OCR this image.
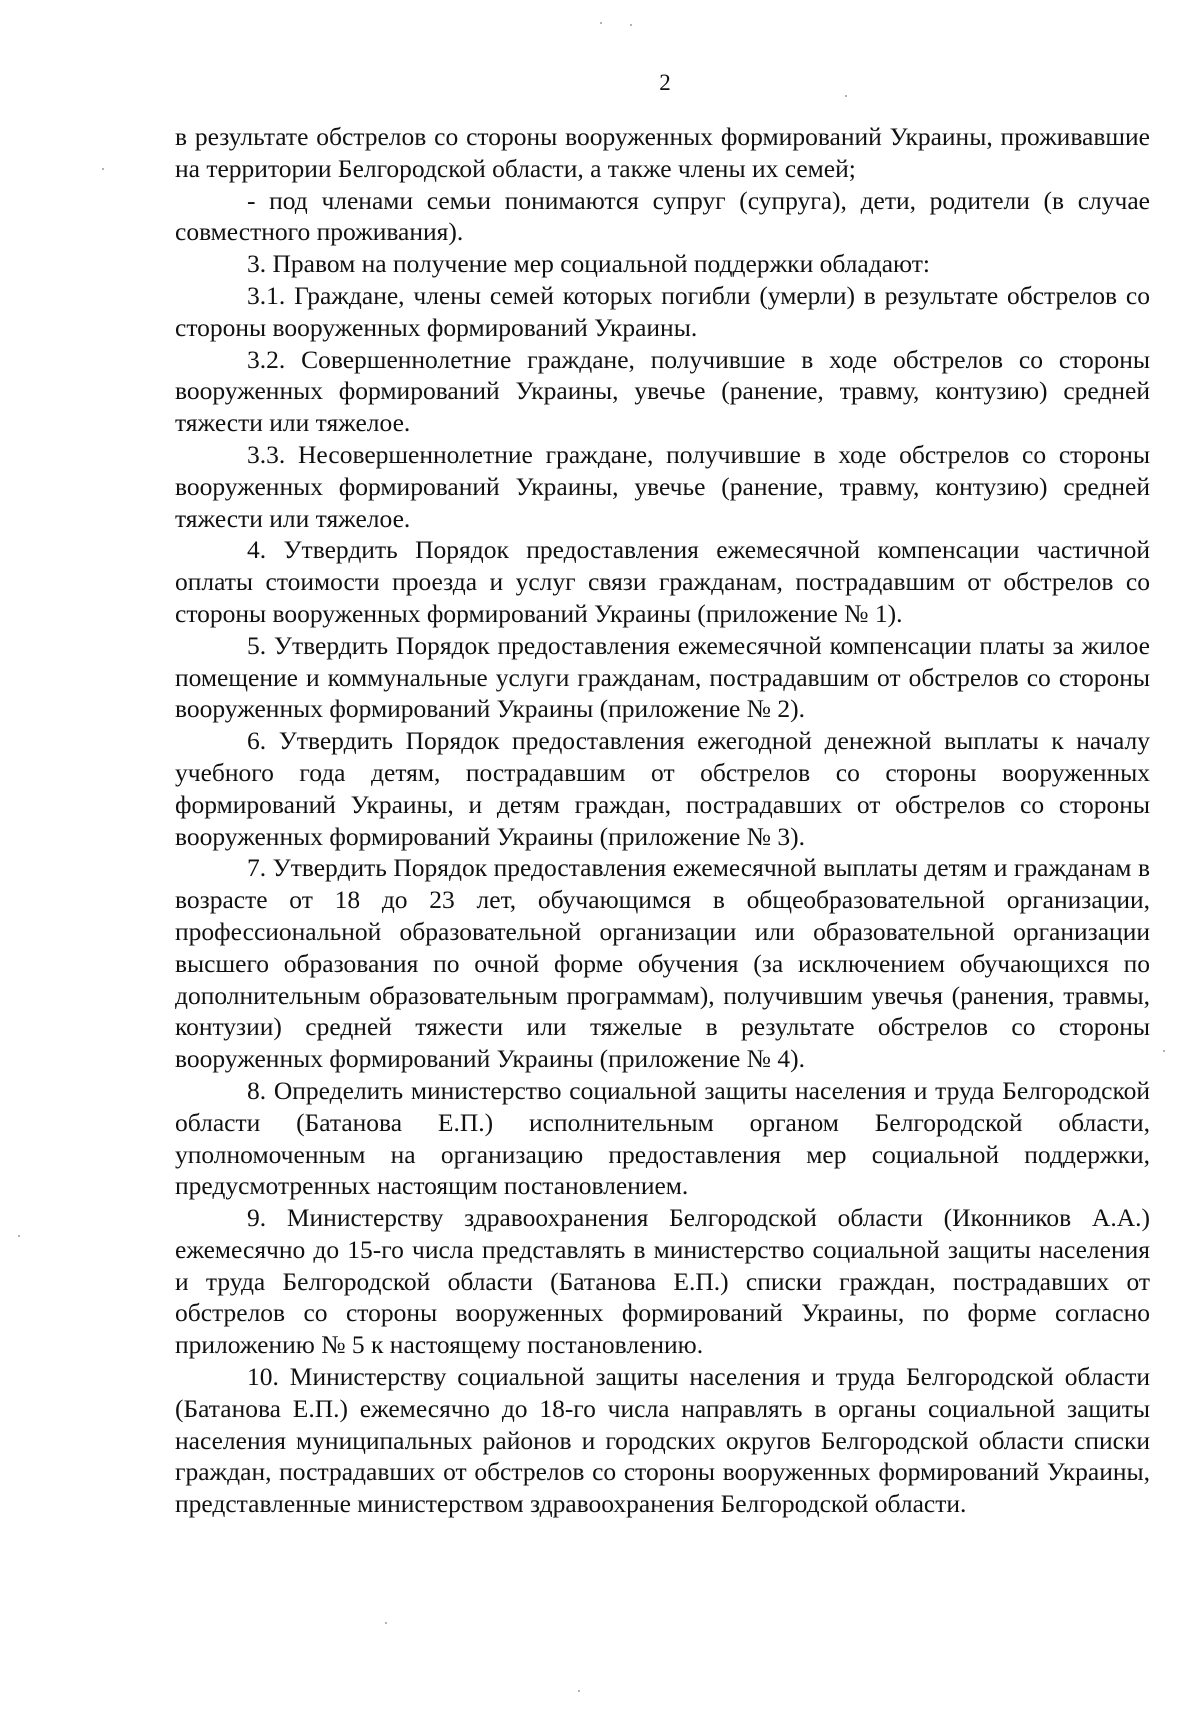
2

в результате обстрелов со стороны вооруженных формирований Украины, проживавшие на территории Белгородской области, а также члены их семей;

- под членами семьи понимаются супруг (супруга), дети, родители (в случае совместного проживания).

3. Правом на получение мер социальной поддержки обладают:

3.1. Граждане, члены семей которых погибли (умерли) в результате обстрелов со стороны вооруженных формирований Украины.

3.2. Совершеннолетние граждане, получившие в ходе обстрелов со стороны вооруженных формирований Украины, увечье (ранение, травму, контузию) средней тяжести или тяжелое.

3.3. Несовершеннолетние граждане, получившие в ходе обстрелов со стороны вооруженных формирований Украины, увечье (ранение, травму, контузию) средней тяжести или тяжелое.

4. Утвердить Порядок предоставления ежемесячной компенсации частичной оплаты стоимости проезда и услуг связи гражданам, пострадавшим от обстрелов со стороны вооруженных формирований Украины (приложение № 1).

5. Утвердить Порядок предоставления ежемесячной компенсации платы за жилое помещение и коммунальные услуги гражданам, пострадавшим от обстрелов со стороны вооруженных формирований Украины (приложение № 2).

6. Утвердить Порядок предоставления ежегодной денежной выплаты к началу учебного года детям, пострадавшим от обстрелов со стороны вооруженных формирований Украины, и детям граждан, пострадавших от обстрелов со стороны вооруженных формирований Украины (приложение № 3).

7. Утвердить Порядок предоставления ежемесячной выплаты детям и гражданам в возрасте от 18 до 23 лет, обучающимся в общеобразовательной организации, профессиональной образовательной организации или образовательной организации высшего образования по очной форме обучения (за исключением обучающихся по дополнительным образовательным программам), получившим увечья (ранения, травмы, контузии) средней тяжести или тяжелые в результате обстрелов со стороны вооруженных формирований Украины (приложение № 4).

8. Определить министерство социальной защиты населения и труда Белгородской области (Батанова Е.П.) исполнительным органом Белгородской области, уполномоченным на организацию предоставления мер социальной поддержки, предусмотренных настоящим постановлением.

9. Министерству здравоохранения Белгородской области (Иконников А.А.) ежемесячно до 15-го числа представлять в министерство социальной защиты населения и труда Белгородской области (Батанова Е.П.) списки граждан, пострадавших от обстрелов со стороны вооруженных формирований Украины, по форме согласно приложению № 5 к настоящему постановлению.

10. Министерству социальной защиты населения и труда Белгородской области (Батанова Е.П.) ежемесячно до 18-го числа направлять в органы социальной защиты населения муниципальных районов и городских округов Белгородской области списки граждан, пострадавших от обстрелов со стороны вооруженных формирований Украины, представленные министерством здравоохранения Белгородской области.
